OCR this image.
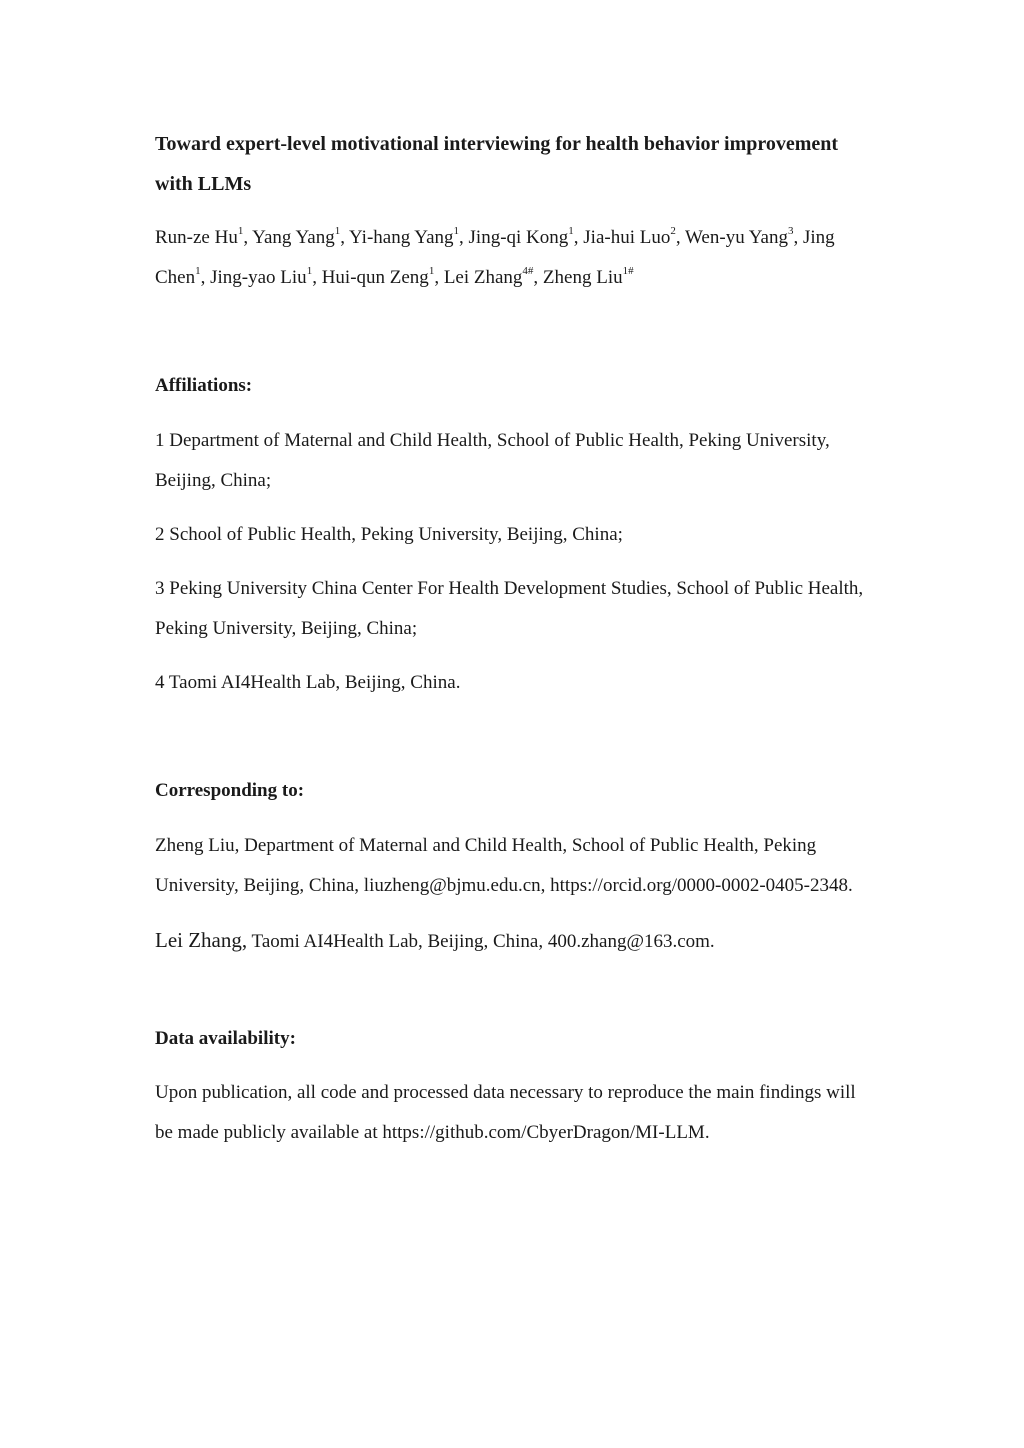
Toward expert-level motivational interviewing for health behavior improvement with LLMs
Run-ze Hu$^1$, Yang Yang$^1$, Yi-hang Yang$^1$, Jing-qi Kong$^1$, Jia-hui Luo$^2$, Wen-yu Yang$^3$, Jing Chen$^1$, Jing-yao Liu$^1$, Hui-qun Zeng$^1$, Lei Zhang$^{4\#}$, Zheng Liu$^{1\#}$
Affiliations:
1 Department of Maternal and Child Health, School of Public Health, Peking University, Beijing, China;
2 School of Public Health, Peking University, Beijing, China;
3 Peking University China Center For Health Development Studies, School of Public Health, Peking University, Beijing, China;
4 Taomi AI4Health Lab, Beijing, China.
Corresponding to:
Zheng Liu, Department of Maternal and Child Health, School of Public Health, Peking University, Beijing, China, liuzheng@bjmu.edu.cn, https://orcid.org/0000-0002-0405-2348.
Lei Zhang, Taomi AI4Health Lab, Beijing, China, 400.zhang@163.com.
Data availability:
Upon publication, all code and processed data necessary to reproduce the main findings will be made publicly available at https://github.com/CbyerDragon/MI-LLM.
